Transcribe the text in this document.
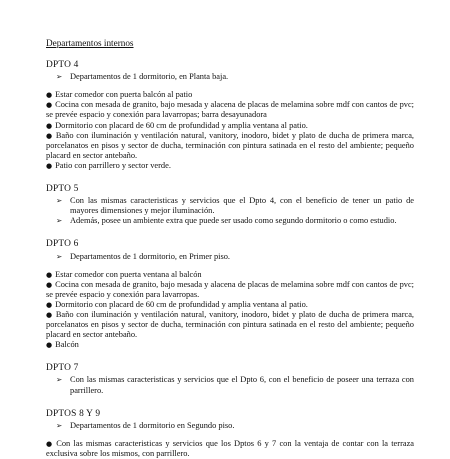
Departamentos internos
DPTO 4
➢ Departamentos de 1 dormitorio, en Planta baja.
● Estar comedor con puerta balcón al patio
● Cocina con mesada de granito, bajo mesada y alacena de placas de melamina sobre mdf con cantos de pvc; se prevée espacio y conexión para lavarropas; barra desayunadora
● Dormitorio con placard de 60 cm de profundidad y amplia ventana al patio.
● Baño con iluminación y ventilación natural, vanitory, inodoro, bidet y plato de ducha de primera marca, porcelanatos en pisos y sector de ducha, terminación con pintura satinada en el resto del ambiente; pequeño placard en sector antebaño.
● Patio con parrillero y sector verde.
DPTO 5
➢ Con las mismas caracteristicas y servicios que el Dpto 4, con el beneficio de tener un patio de mayores dimensiones y mejor iluminación.
➢ Además, posee un ambiente extra que puede ser usado como segundo dormitorio o como estudio.
DPTO 6
➢ Departamentos de 1 dormitorio, en Primer piso.
● Estar comedor con puerta ventana al balcón
● Cocina con mesada de granito, bajo mesada y alacena de placas de melamina sobre mdf con cantos de pvc; se prevée espacio y conexión para lavarropas.
● Dormitorio con placard de 60 cm de profundidad y amplia ventana al patio.
● Baño con iluminación y ventilación natural, vanitory, inodoro, bidet y plato de ducha de primera marca, porcelanatos en pisos y sector de ducha, terminación con pintura satinada en el resto del ambiente; pequeño placard en sector antebaño.
● Balcón
DPTO 7
➢ Con las mismas caracteristicas y servicios que el Dpto 6, con el beneficio de poseer una terraza con parrillero.
DPTOS 8 Y 9
➢ Departamentos de 1 dormitorio en Segundo piso.
● Con las mismas caracteristicas y servicios que los Dptos 6 y 7 con la ventaja de contar con la terraza exclusiva sobre los mismos, con parrillero.
